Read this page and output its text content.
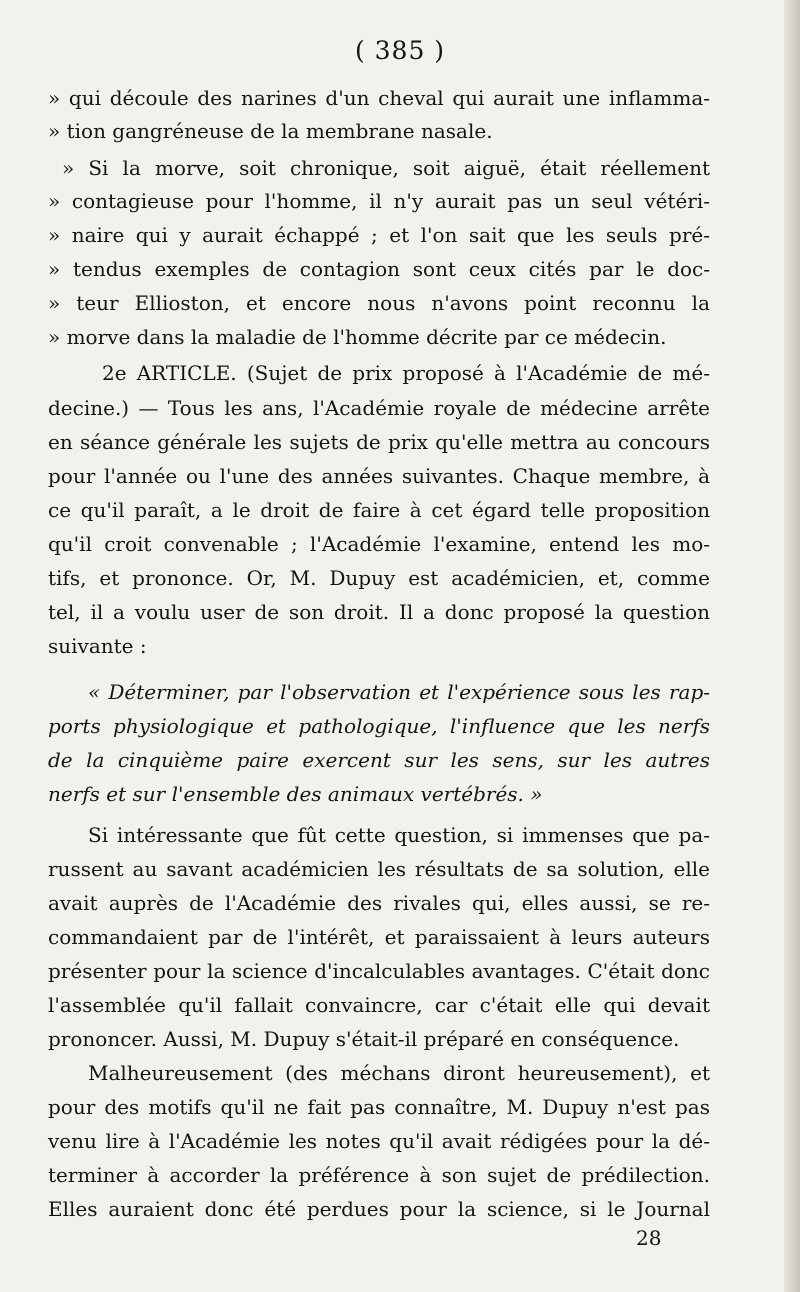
( 385 )
» qui découle des narines d'un cheval qui aurait une inflamma-
» tion gangréneuse de la membrane nasale.
» Si la morve, soit chronique, soit aiguë, était réellement
» contagieuse pour l'homme, il n'y aurait pas un seul vétéri-
» naire qui y aurait échappé ; et l'on sait que les seuls pré-
» tendus exemples de contagion sont ceux cités par le doc-
» teur Ellioston, et encore nous n'avons point reconnu la
» morve dans la maladie de l'homme décrite par ce médecin.
2e ARTICLE. (Sujet de prix proposé à l'Académie de mé-
decine.) — Tous les ans, l'Académie royale de médecine arrête
en séance générale les sujets de prix qu'elle mettra au concours
pour l'année ou l'une des années suivantes. Chaque membre, à
ce qu'il paraît, a le droit de faire à cet égard telle proposition
qu'il croit convenable ; l'Académie l'examine, entend les mo-
tifs, et prononce. Or, M. Dupuy est académicien, et, comme
tel, il a voulu user de son droit. Il a donc proposé la question
suivante :
« Déterminer, par l'observation et l'expérience sous les rap-
ports physiologique et pathologique, l'influence que les nerfs
de la cinquième paire exercent sur les sens, sur les autres
nerfs et sur l'ensemble des animaux vertébrés. »
Si intéressante que fût cette question, si immenses que pa-
russent au savant académicien les résultats de sa solution, elle
avait auprès de l'Académie des rivales qui, elles aussi, se re-
commandaient par de l'intérêt, et paraissaient à leurs auteurs
présenter pour la science d'incalculables avantages. C'était donc
l'assemblée qu'il fallait convaincre, car c'était elle qui devait
prononcer. Aussi, M. Dupuy s'était-il préparé en conséquence.
Malheureusement (des méchans diront heureusement), et
pour des motifs qu'il ne fait pas connaître, M. Dupuy n'est pas
venu lire à l'Académie les notes qu'il avait rédigées pour la dé-
terminer à accorder la préférence à son sujet de prédilection.
Elles auraient donc été perdues pour la science, si le Journal
28
